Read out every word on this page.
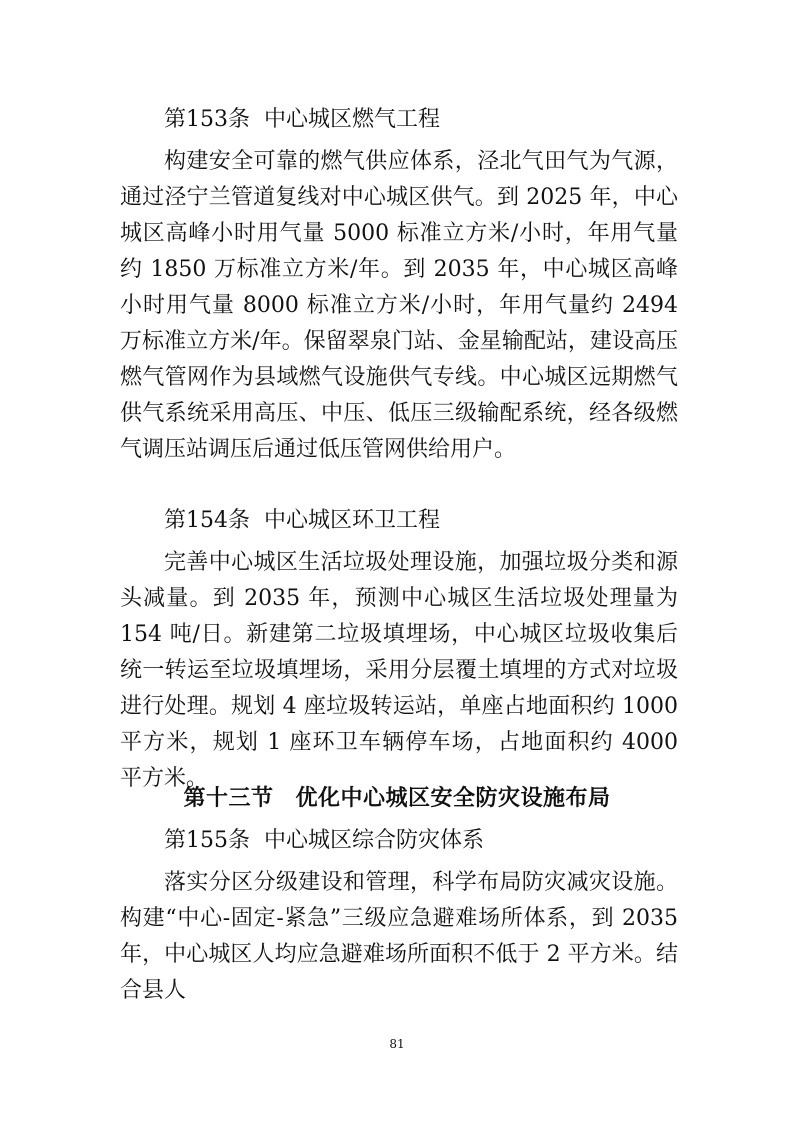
第153条 中心城区燃气工程

构建安全可靠的燃气供应体系，泾北气田气为气源，通过泾宁兰管道复线对中心城区供气。到 2025 年，中心城区高峰小时用气量 5000 标准立方米/小时，年用气量约 1850 万标准立方米/年。到 2035 年，中心城区高峰小时用气量 8000 标准立方米/小时，年用气量约 2494 万标准立方米/年。保留翠泉门站、金星输配站，建设高压燃气管网作为县域燃气设施供气专线。中心城区远期燃气供气系统采用高压、中压、低压三级输配系统，经各级燃气调压站调压后通过低压管网供给用户。

第154条 中心城区环卫工程

完善中心城区生活垃圾处理设施，加强垃圾分类和源头减量。到 2035 年，预测中心城区生活垃圾处理量为 154 吨/日。新建第二垃圾填埋场，中心城区垃圾收集后统一转运至垃圾填埋场，采用分层覆土填埋的方式对垃圾进行处理。规划 4 座垃圾转运站，单座占地面积约 1000 平方米，规划 1 座环卫车辆停车场，占地面积约 4000 平方米。

第十三节 优化中心城区安全防灾设施布局
第155条 中心城区综合防灾体系

落实分区分级建设和管理，科学布局防灾减灾设施。构建“中心-固定-紧急”三级应急避难场所体系，到 2035 年，中心城区人均应急避难场所面积不低于 2 平方米。结合县人

81
